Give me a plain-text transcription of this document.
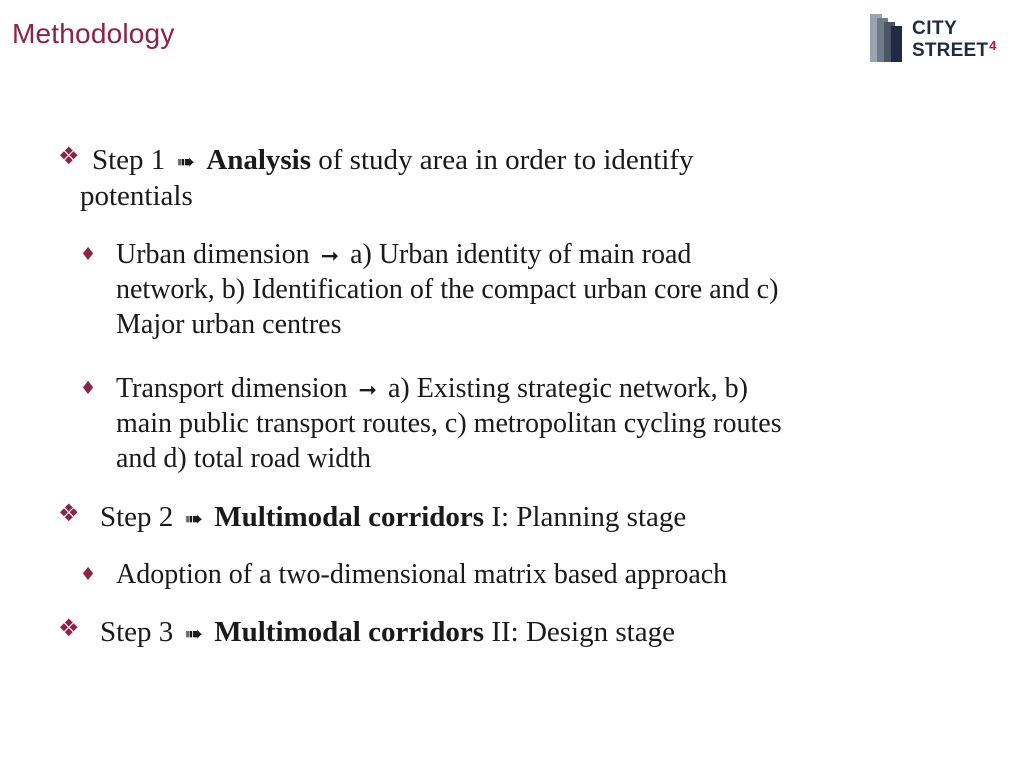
Methodology	CITY
STREET$^4$
❖ Step 1 ➠ Analysis of study area in order to identify
potentials
♦ Urban dimension ➞ a) Urban identity of main road
network, b) Identification of the compact urban core and c)
Major urban centres
♦ Transport dimension ➞ a) Existing strategic network, b)
main public transport routes, c) metropolitan cycling routes
and d) total road width
❖ Step 2 ➠ Multimodal corridors I: Planning stage
♦ Adoption of a two-dimensional matrix based approach
❖ Step 3 ➠ Multimodal corridors II: Design stage
